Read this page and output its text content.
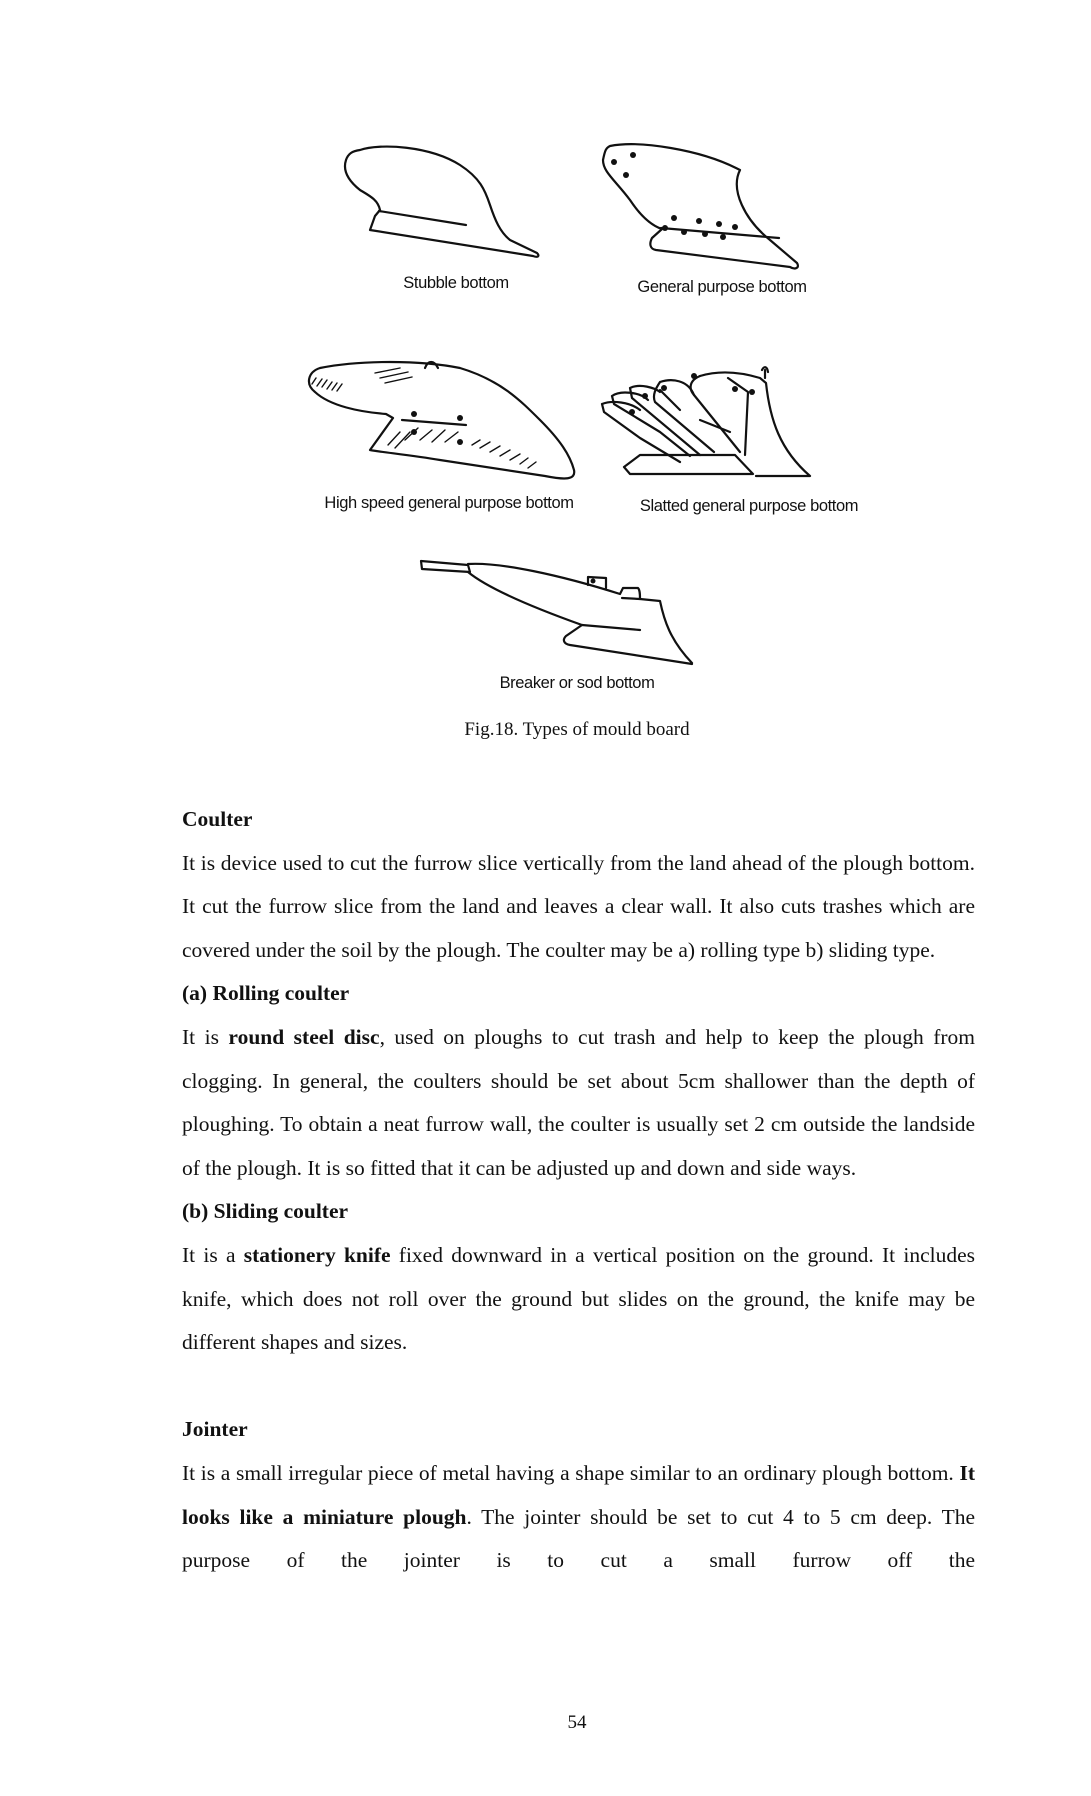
Stubble bottom	General purpose bottom
High speed general purpose bottom	Slatted general purpose bottom
Breaker or sod bottom
Fig.18. Types of mould board
Coulter

It is device used to cut the furrow slice vertically from the land ahead of the plough bottom. It cut the furrow slice from the land and leaves a clear wall. It also cuts trashes which are covered under the soil by the plough. The coulter may be a) rolling type b) sliding type.

(a) Rolling coulter

It is round steel disc, used on ploughs to cut trash and help to keep the plough from clogging. In general, the coulters should be set about 5cm shallower than the depth of ploughing. To obtain a neat furrow wall, the coulter is usually set 2 cm outside the landside of the plough. It is so fitted that it can be adjusted up and down and side ways.

(b) Sliding coulter

It is a stationery knife fixed downward in a vertical position on the ground. It includes knife, which does not roll over the ground but slides on the ground, the knife may be different shapes and sizes.

Jointer

It is a small irregular piece of metal having a shape similar to an ordinary plough bottom. It looks like a miniature plough. The jointer should be set to cut 4 to 5 cm deep. The purpose of the jointer is to cut a small furrow off the

54
